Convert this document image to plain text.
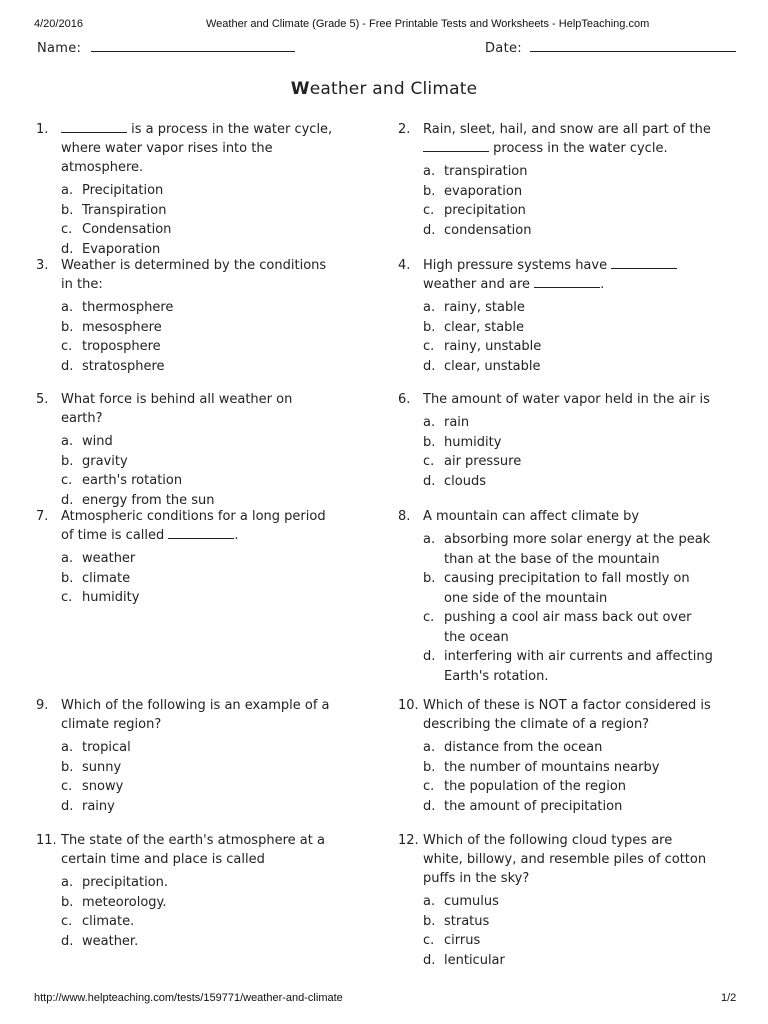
4/20/2016	Weather and Climate (Grade 5) - Free Printable Tests and Worksheets - HelpTeaching.com
Name:	Date:
Weather and Climate
1.	is a process in the water cycle, where water vapor rises into the atmosphere.
a. Precipitation
b. Transpiration
c. Condensation
d. Evaporation
2. Rain, sleet, hail, and snow are all part of the  process in the water cycle.
a. transpiration
b. evaporation
c. precipitation
d. condensation
3. Weather is determined by the conditions in the:
a. thermosphere
b. mesosphere
c. troposphere
d. stratosphere
4. High pressure systems have  weather and are	.
a. rainy, stable
b. clear, stable
c. rainy, unstable
d. clear, unstable
5. What force is behind all weather on earth?
a. wind
b. gravity
c. earth's rotation
d. energy from the sun
6. The amount of water vapor held in the air is
a. rain
b. humidity
c. air pressure
d. clouds
7. Atmospheric conditions for a long period of time is called	.
a. weather
b. climate
c. humidity
8. A mountain can affect climate by
a. absorbing more solar energy at the peak than at the base of the mountain
b. causing precipitation to fall mostly on one side of the mountain
c. pushing a cool air mass back out over the ocean
d. interfering with air currents and affecting Earth's rotation.
9. Which of the following is an example of a climate region?
a. tropical
b. sunny
c. snowy
d. rainy
10. Which of these is NOT a factor considered is describing the climate of a region?
a. distance from the ocean
b. the number of mountains nearby
c. the population of the region
d. the amount of precipitation
11. The state of the earth's atmosphere at a certain time and place is called
a. precipitation.
b. meteorology.
c. climate.
d. weather.
12. Which of the following cloud types are white, billowy, and resemble piles of cotton puffs in the sky?
a. cumulus
b. stratus
c. cirrus
d. lenticular
http://www.helpteaching.com/tests/159771/weather-and-climate	1/2
